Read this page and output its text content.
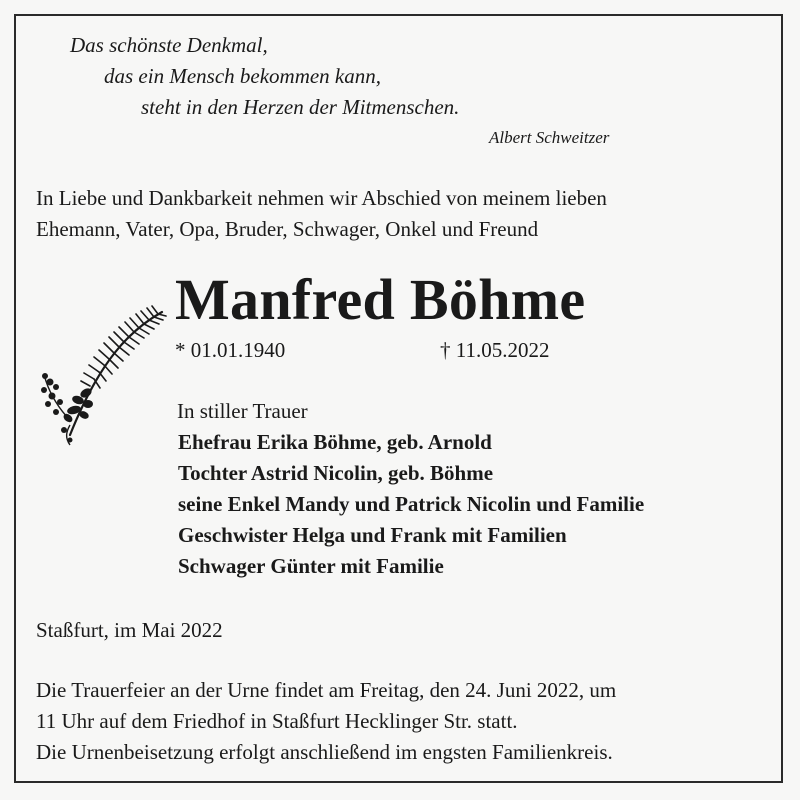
Das schönste Denkmal,
das ein Mensch bekommen kann,
steht in den Herzen der Mitmenschen.
Albert Schweitzer
In Liebe und Dankbarkeit nehmen wir Abschied von meinem lieben
Ehemann, Vater, Opa, Bruder, Schwager, Onkel und Freund
Manfred Böhme
* 01.01.1940	† 11.05.2022
In stiller Trauer
Ehefrau Erika Böhme, geb. Arnold
Tochter Astrid Nicolin, geb. Böhme
seine Enkel Mandy und Patrick Nicolin und Familie
Geschwister Helga und Frank mit Familien
Schwager Günter mit Familie
Staßfurt, im Mai 2022
Die Trauerfeier an der Urne findet am Freitag, den 24. Juni 2022, um
11 Uhr auf dem Friedhof in Staßfurt Hecklinger Str. statt.
Die Urnenbeisetzung erfolgt anschließend im engsten Familienkreis.
